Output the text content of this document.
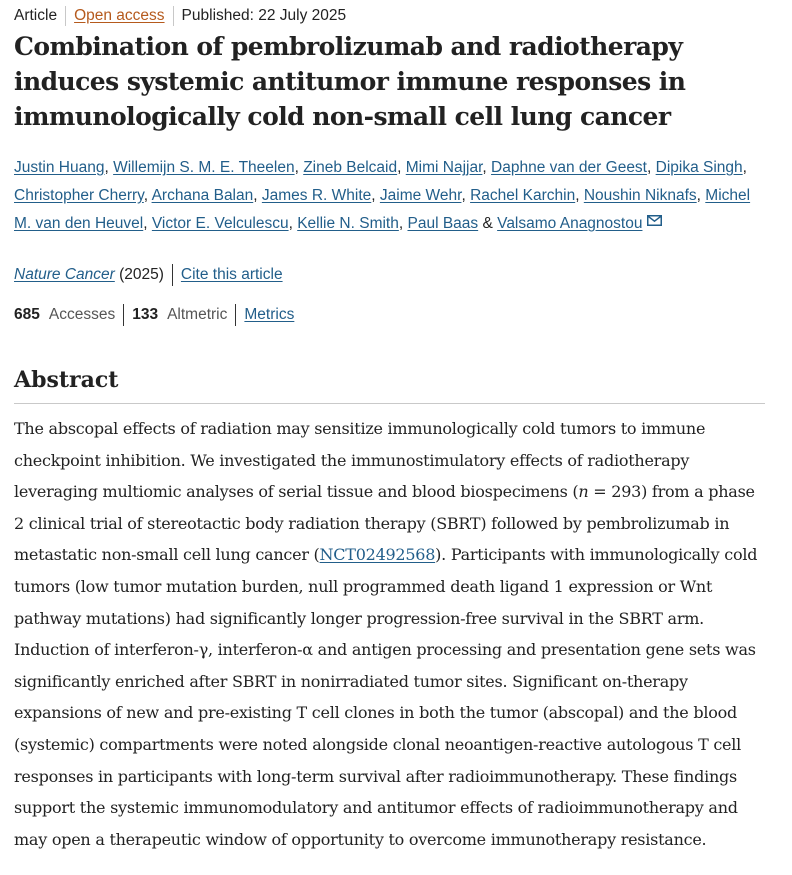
Article Open access Published: 22 July 2025
Combination of pembrolizumab and radiotherapy induces systemic antitumor immune responses in immunologically cold non-small cell lung cancer
Justin Huang, Willemijn S. M. E. Theelen, Zineb Belcaid, Mimi Najjar, Daphne van der Geest, Dipika Singh, Christopher Cherry, Archana Balan, James R. White, Jaime Wehr, Rachel Karchin, Noushin Niknafs, Michel M. van den Heuvel, Victor E. Velculescu, Kellie N. Smith, Paul Baas & Valsamo Anagnostou
Nature Cancer
(2025) Cite this article
685 Accesses 133 Altmetric Metrics
Abstract

The abscopal effects of radiation may sensitize immunologically cold tumors to immune checkpoint inhibition. We investigated the immunostimulatory effects of radiotherapy leveraging multiomic analyses of serial tissue and blood biospecimens (n = 293) from a phase 2 clinical trial of stereotactic body radiation therapy (SBRT) followed by pembrolizumab in metastatic non-small cell lung cancer (NCT02492568). Participants with immunologically cold tumors (low tumor mutation burden, null programmed death ligand 1 expression or Wnt pathway mutations) had significantly longer progression-free survival in the SBRT arm. Induction of interferon-γ, interferon-α and antigen processing and presentation gene sets was significantly enriched after SBRT in nonirradiated tumor sites. Significant on-therapy expansions of new and pre-existing T cell clones in both the tumor (abscopal) and the blood (systemic) compartments were noted alongside clonal neoantigen-reactive autologous T cell responses in participants with long-term survival after radioimmunotherapy. These findings support the systemic immunomodulatory and antitumor effects of radioimmunotherapy and may open a therapeutic window of opportunity to overcome immunotherapy resistance.
